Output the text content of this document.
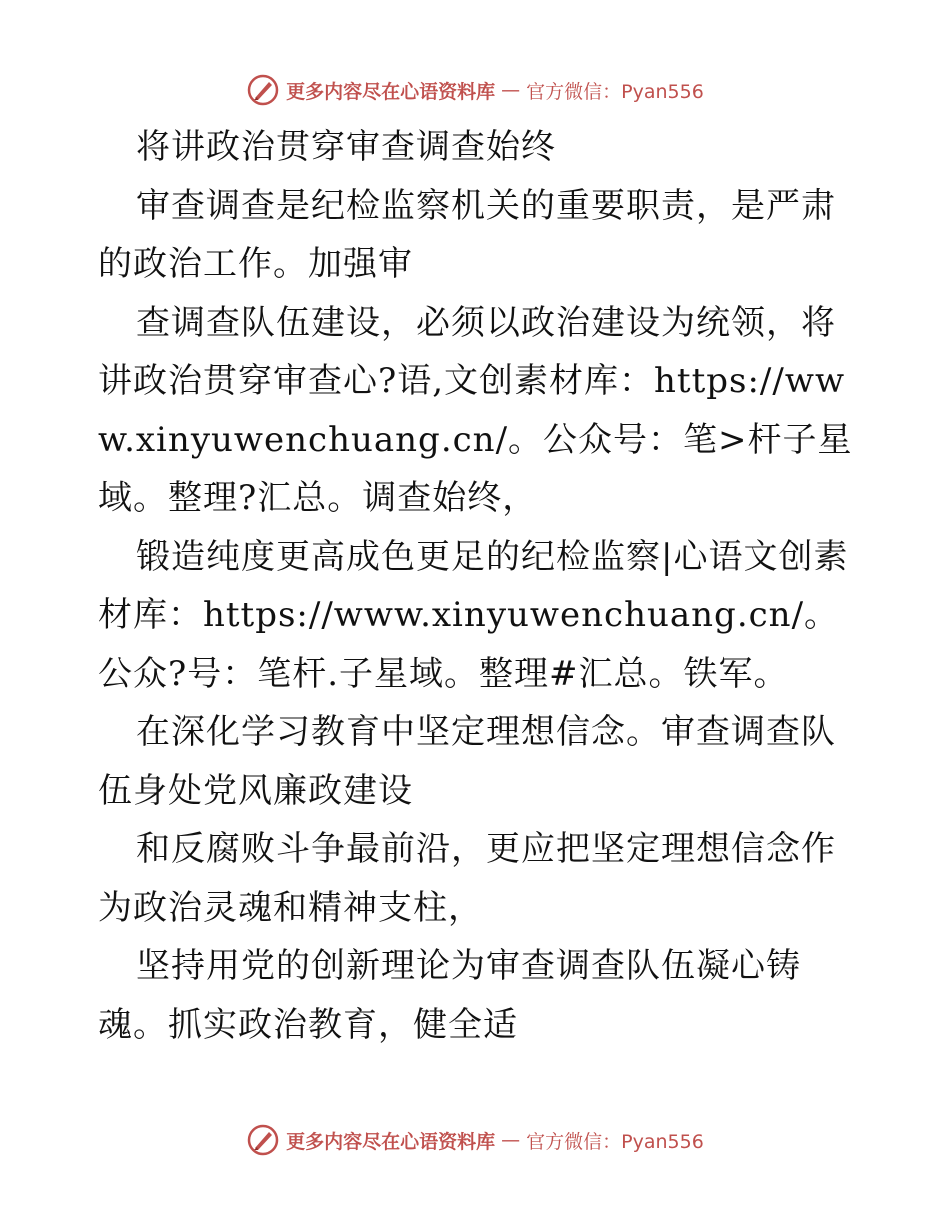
更多内容尽在心语资料库 — 官方微信：Pyan556

将讲政治贯穿审查调查始终

审查调查是纪检监察机关的重要职责，是严肃的政治工作。加强审

查调查队伍建设，必须以政治建设为统领，将讲政治贯穿审查心?语,文创素材库：https://www.xinyuwenchuang.cn/。公众号：笔>杆子星域。整理?汇总。调查始终，

锻造纯度更高成色更足的纪检监察|心语文创素材库：https://www.xinyuwenchuang.cn/。公众?号：笔杆.子星域。整理#汇总。铁军。

在深化学习教育中坚定理想信念。审查调查队伍身处党风廉政建设

和反腐败斗争最前沿，更应把坚定理想信念作为政治灵魂和精神支柱，

坚持用党的创新理论为审查调查队伍凝心铸魂。抓实政治教育，健全适

更多内容尽在心语资料库 — 官方微信：Pyan556
